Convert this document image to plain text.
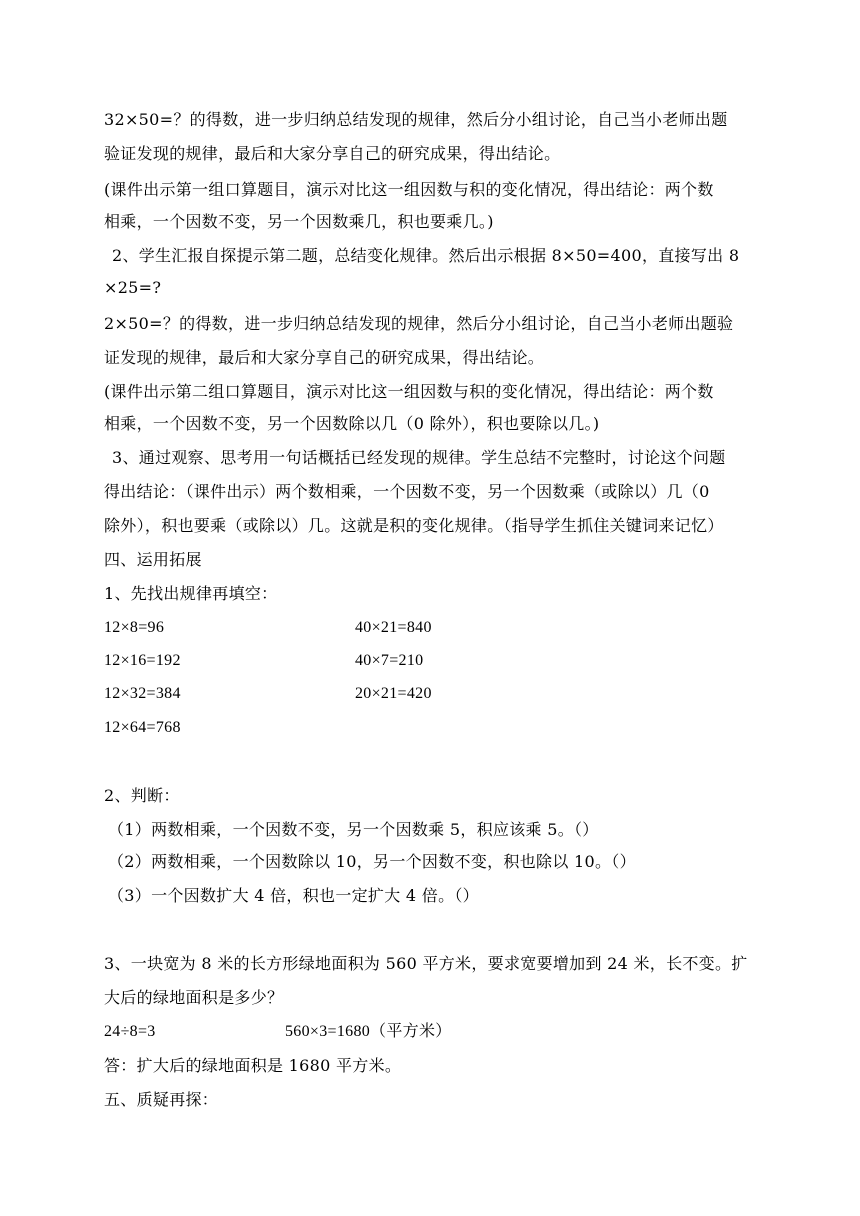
32×50=？的得数，进一步归纳总结发现的规律，然后分小组讨论，自己当小老师出题
验证发现的规律，最后和大家分享自己的研究成果，得出结论。
(课件出示第一组口算题目，演示对比这一组因数与积的变化情况，得出结论：两个数
相乘，一个因数不变，另一个因数乘几，积也要乘几。)
2、学生汇报自探提示第二题，总结变化规律。然后出示根据 8×50=400，直接写出 8
×25=?
2×50=？的得数，进一步归纳总结发现的规律，然后分小组讨论，自己当小老师出题验
证发现的规律，最后和大家分享自己的研究成果，得出结论。
(课件出示第二组口算题目，演示对比这一组因数与积的变化情况，得出结论：两个数
相乘，一个因数不变，另一个因数除以几（0 除外），积也要除以几。)
3、通过观察、思考用一句话概括已经发现的规律。学生总结不完整时，讨论这个问题
得出结论：（课件出示）两个数相乘，一个因数不变，另一个因数乘（或除以）几（0
除外），积也要乘（或除以）几。这就是积的变化规律。（指导学生抓住关键词来记忆）
四、运用拓展
1、先找出规律再填空：
12×8=96	40×21=840
12×16=192	40×7=210
12×32=384	20×21=420
12×64=768
2、判断：
（1）两数相乘，一个因数不变，另一个因数乘 5，积应该乘 5。（）
（2）两数相乘，一个因数除以 10，另一个因数不变，积也除以 10。（）
（3）一个因数扩大 4 倍，积也一定扩大 4 倍。（）
3、一块宽为 8 米的长方形绿地面积为 560 平方米，要求宽要增加到 24 米，长不变。扩
大后的绿地面积是多少？
24÷8=3	560×3=1680（平方米）
答：扩大后的绿地面积是 1680 平方米。
五、质疑再探：
